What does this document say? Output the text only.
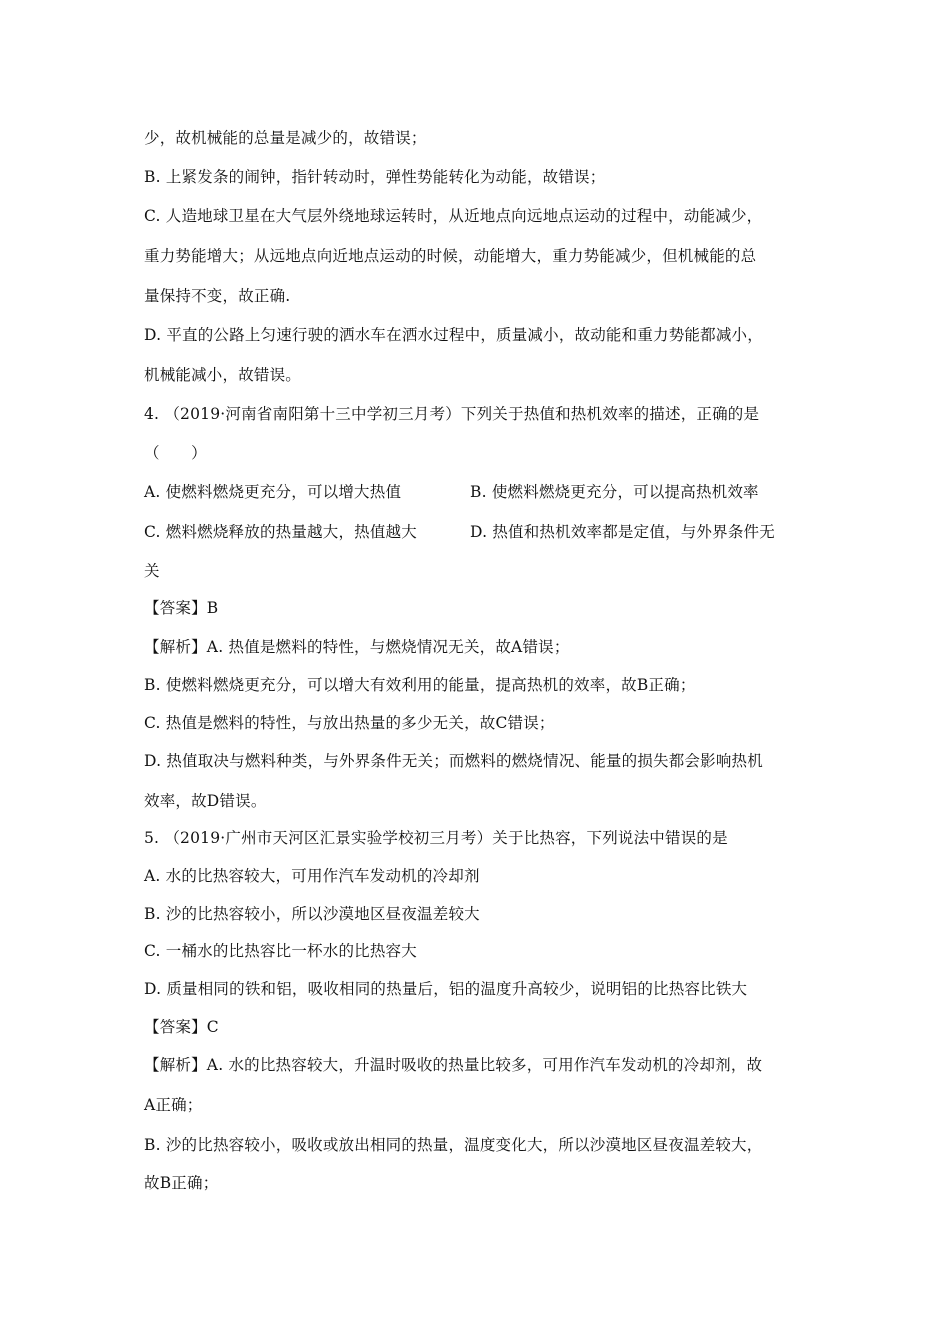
少，故机械能的总量是减少的，故错误；
B. 上紧发条的闹钟，指针转动时，弹性势能转化为动能，故错误；
C. 人造地球卫星在大气层外绕地球运转时，从近地点向远地点运动的过程中，动能减少，
重力势能增大；从远地点向近地点运动的时候，动能增大，重力势能减少，但机械能的总
量保持不变，故正确.
D. 平直的公路上匀速行驶的洒水车在洒水过程中，质量减小，故动能和重力势能都减小，
机械能减小，故错误。
4. （2019·河南省南阳第十三中学初三月考）下列关于热值和热机效率的描述，正确的是
（　　）
A. 使燃料燃烧更充分，可以增大热值	B. 使燃料燃烧更充分，可以提高热机效率
C. 燃料燃烧释放的热量越大，热值越大	D. 热值和热机效率都是定值，与外界条件无
关
【答案】B
【解析】A. 热值是燃料的特性，与燃烧情况无关，故A错误；
B. 使燃料燃烧更充分，可以增大有效利用的能量，提高热机的效率，故B正确；
C. 热值是燃料的特性，与放出热量的多少无关，故C错误；
D. 热值取决与燃料种类，与外界条件无关；而燃料的燃烧情况、能量的损失都会影响热机
效率，故D错误。
5. （2019·广州市天河区汇景实验学校初三月考）关于比热容，下列说法中错误的是
A. 水的比热容较大，可用作汽车发动机的冷却剂
B. 沙的比热容较小，所以沙漠地区昼夜温差较大
C. 一桶水的比热容比一杯水的比热容大
D. 质量相同的铁和铝，吸收相同的热量后，铝的温度升高较少，说明铝的比热容比铁大
【答案】C
【解析】A. 水的比热容较大，升温时吸收的热量比较多，可用作汽车发动机的冷却剂，故
A正确；
B. 沙的比热容较小，吸收或放出相同的热量，温度变化大，所以沙漠地区昼夜温差较大，
故B正确；
